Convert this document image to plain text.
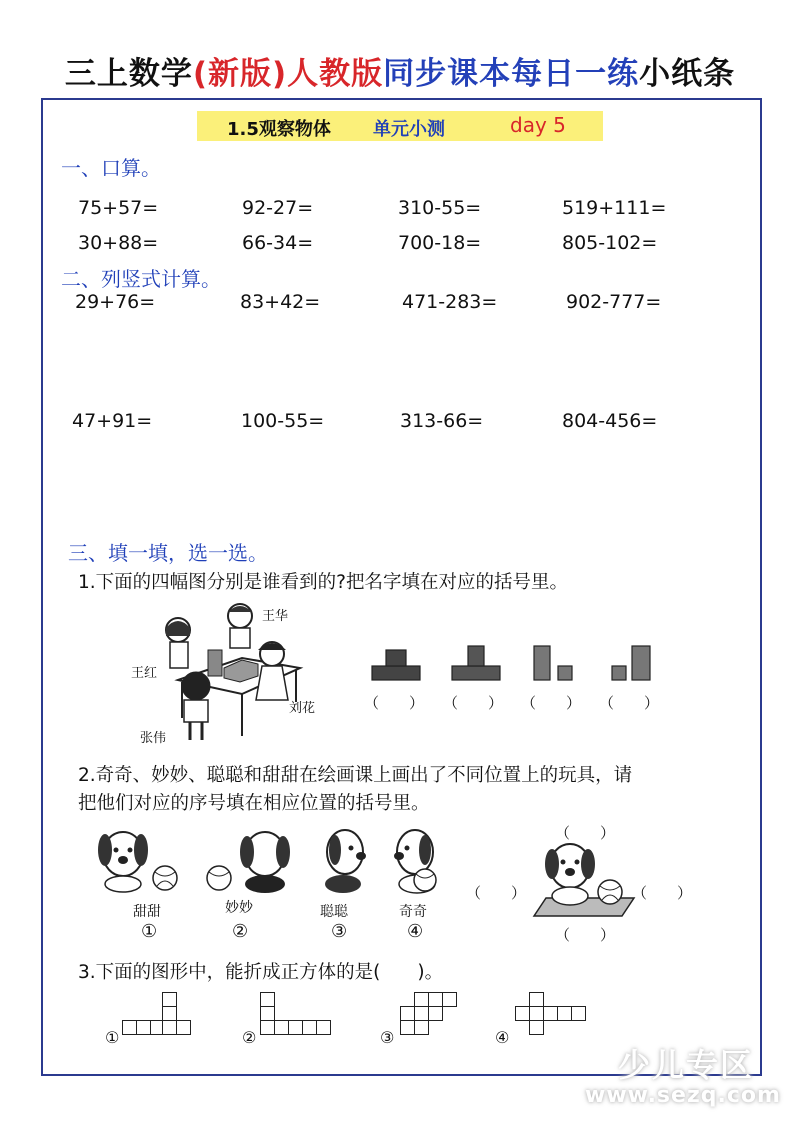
三上数学(新版)人教版同步课本每日一练小纸条
1.5观察物体 单元小测	day 5
一、口算。
75+57=	92-27=	310-55=	519+111=
30+88=	66-34=	700-18=	805-102=
二、列竖式计算。
29+76=	83+42=	471-283=	902-777=
47+91=	100-55=	313-66=	804-456=
三、填一填，选一选。
1.下面的四幅图分别是谁看到的?把名字填在对应的括号里。
王华
王红
刘花
张伟
（　　） （　　） （　　） （　　）
2.奇奇、妙妙、聪聪和甜甜在绘画课上画出了不同位置上的玩具，请
把他们对应的序号填在相应位置的括号里。
甜甜	妙妙	聪聪	奇奇
①	②	③	④
（　　）
（　　）	（　　）
（　　）
3.下面的图形中，能折成正方体的是(　　)。
①	②	③	④
少儿专区
www.sezq.com
